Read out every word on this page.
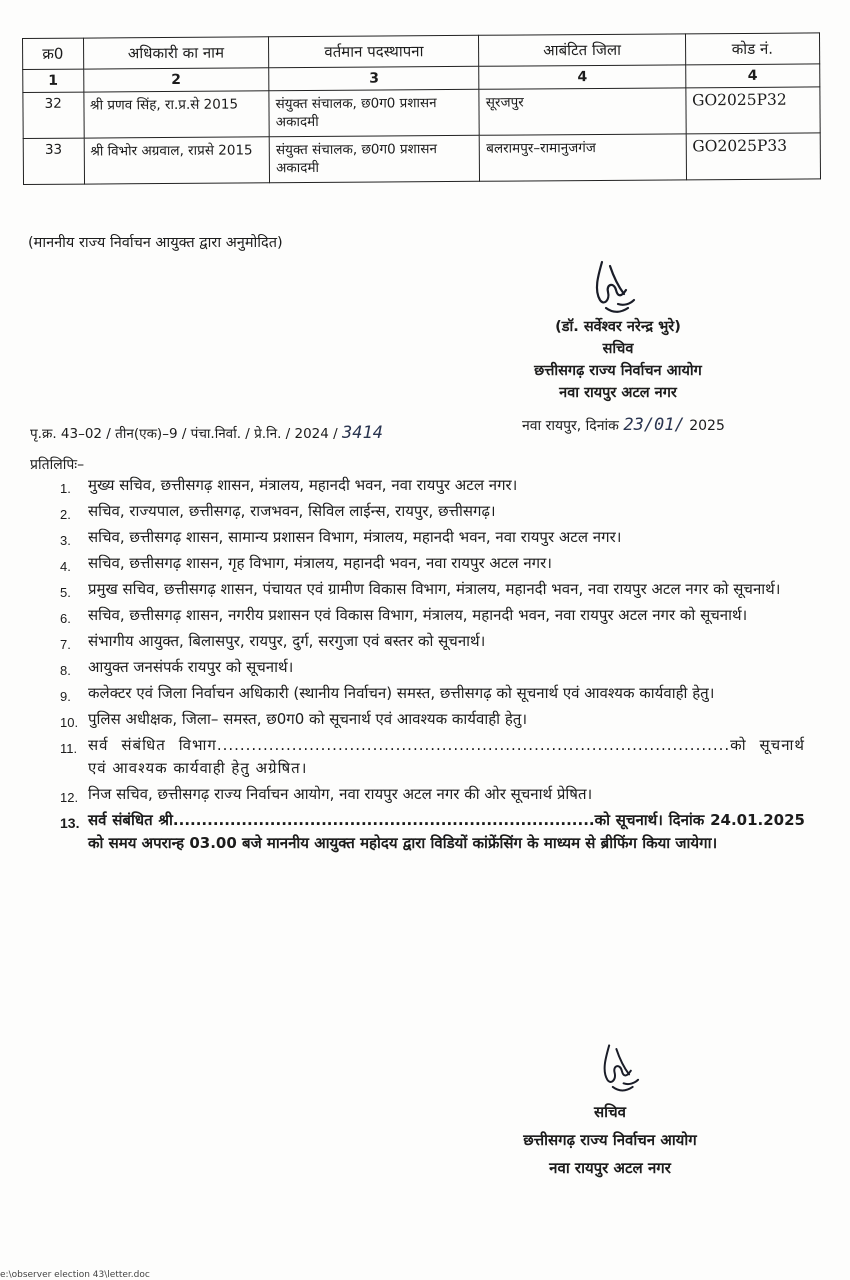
क्र0	अधिकारी का नाम	वर्तमान पदस्थापना	आबंटित जिला	कोड नं.
1	2	3	4	4
32	श्री प्रणव सिंह, रा.प्र.से 2015	संयुक्त संचालक, छ0ग0 प्रशासन अकादमी	सूरजपुर	GO2025P32
33	श्री विभोर अग्रवाल, राप्रसे 2015	संयुक्त संचालक, छ0ग0 प्रशासन अकादमी	बलरामपुर–रामानुजगंज	GO2025P33
(माननीय राज्य निर्वाचन आयुक्त द्वारा अनुमोदित)
(डॉ. सर्वेश्वर नरेन्द्र भुरे)
सचिव
छत्तीसगढ़ राज्य निर्वाचन आयोग
नवा रायपुर अटल नगर
पृ.क्र. 43–02 / तीन(एक)–9 / पंचा.निर्वा. / प्रे.नि. / 2024 / 3414	नवा रायपुर, दिनांक 23/01/ 2025
प्रतिलिपिः–
1. मुख्य सचिव, छत्तीसगढ़ शासन, मंत्रालय, महानदी भवन, नवा रायपुर अटल नगर।
2. सचिव, राज्यपाल, छत्तीसगढ़, राजभवन, सिविल लाईन्स, रायपुर, छत्तीसगढ़।
3. सचिव, छत्तीसगढ़ शासन, सामान्य प्रशासन विभाग, मंत्रालय, महानदी भवन, नवा रायपुर अटल नगर।
4. सचिव, छत्तीसगढ़ शासन, गृह विभाग, मंत्रालय, महानदी भवन, नवा रायपुर अटल नगर।
5. प्रमुख सचिव, छत्तीसगढ़ शासन, पंचायत एवं ग्रामीण विकास विभाग, मंत्रालय, महानदी भवन, नवा रायपुर अटल नगर को सूचनार्थ।
6. सचिव, छत्तीसगढ़ शासन, नगरीय प्रशासन एवं विकास विभाग, मंत्रालय, महानदी भवन, नवा रायपुर अटल नगर को सूचनार्थ।
7. संभागीय आयुक्त, बिलासपुर, रायपुर, दुर्ग, सरगुजा एवं बस्तर को सूचनार्थ।
8. आयुक्त जनसंपर्क रायपुर को सूचनार्थ।
9. कलेक्टर एवं जिला निर्वाचन अधिकारी (स्थानीय निर्वाचन) समस्त, छत्तीसगढ़ को सूचनार्थ एवं आवश्यक कार्यवाही हेतु।
10. पुलिस अधीक्षक, जिला– समस्त, छ0ग0 को सूचनार्थ एवं आवश्यक कार्यवाही हेतु।
11. सर्व संबंधित विभाग.........................................................................................को सूचनार्थ एवं आवश्यक कार्यवाही हेतु अग्रेषित।
12. निज सचिव, छत्तीसगढ़ राज्य निर्वाचन आयोग, नवा रायपुर अटल नगर की ओर सूचनार्थ प्रेषित।
13. सर्व संबंधित श्री..........................................................................को सूचनार्थ। दिनांक 24.01.2025 को समय अपरान्ह 03.00 बजे माननीय आयुक्त महोदय द्वारा विडियों कांफ्रेंसिंग के माध्यम से ब्रीफिंग किया जायेगा।
सचिव
छत्तीसगढ़ राज्य निर्वाचन आयोग
नवा रायपुर अटल नगर
e:\observer election 43\letter.doc
